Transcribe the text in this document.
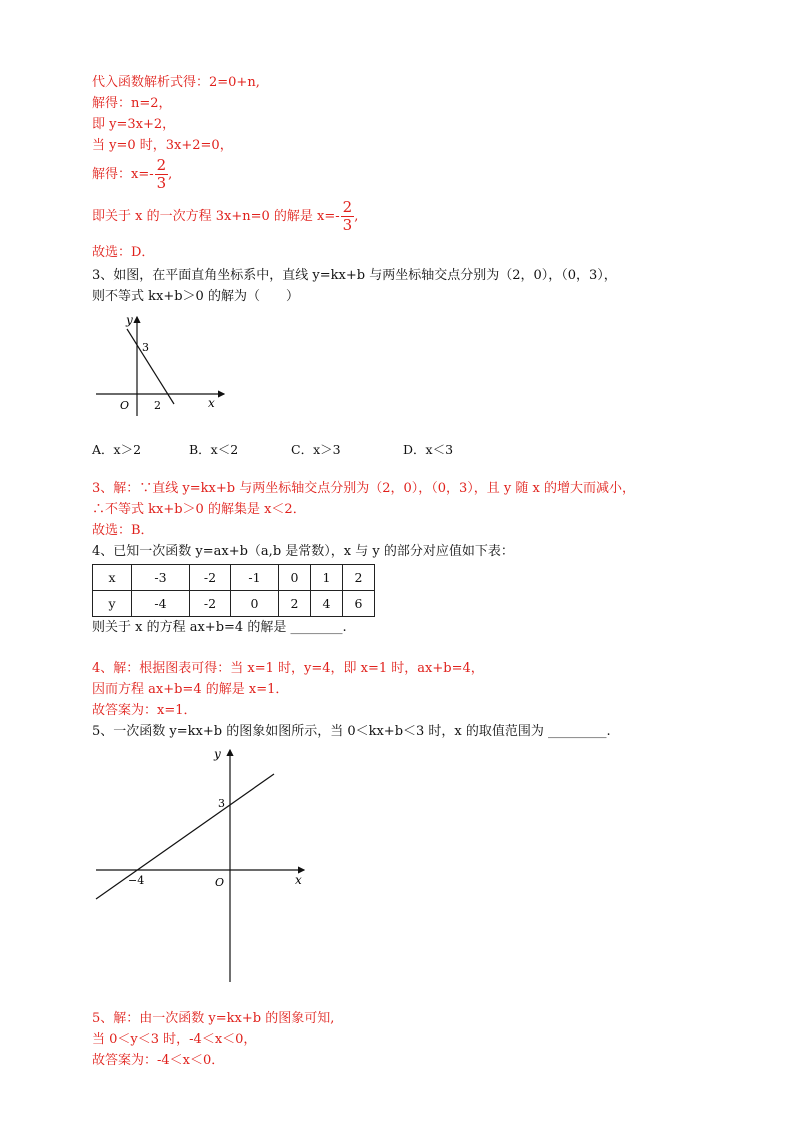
代入函数解析式得：2=0+n,
解得：n=2，
即 y=3x+2，
当 y=0 时，3x+2=0，
解得：$x=- \frac{2}{3}$ ,
即关于 x 的一次方程 3x+n=0 的解是 $x=- \frac{2}{3}$ ,
故选：D．
3、如图，在平面直角坐标系中，直线 y=kx+b 与两坐标轴交点分别为（2，0），（0，3），
则不等式 kx+b＞0 的解为（　　）
y
x
O
3
2
A．x＞2	B．x＜2	C．x＞3	D．x＜3
3、解：∵直线 y=kx+b 与两坐标轴交点分别为（2，0），（0，3），且 y 随 x 的增大而减小，
∴不等式 kx+b＞0 的解集是 x＜2．
故选：B．
4、已知一次函数 y=ax+b（a,b 是常数），x 与 y 的部分对应值如下表：
x	-3	-2	-1	0	1	2
y	-4	-2	0	2	4	6
则关于 x 的方程 ax+b=4 的解是 ________.
4、解：根据图表可得：当 x=1 时，y=4，即 x=1 时，ax+b=4，
因而方程 ax+b=4 的解是 x=1．
故答案为：x=1．
5、一次函数 y=kx+b 的图象如图所示，当 0＜kx+b＜3 时，x 的取值范围为 _________.
y
x
O
3
−4
5、解：由一次函数 y=kx+b 的图象可知,
当 0＜y＜3 时，-4＜x＜0，
故答案为：-4＜x＜0．
